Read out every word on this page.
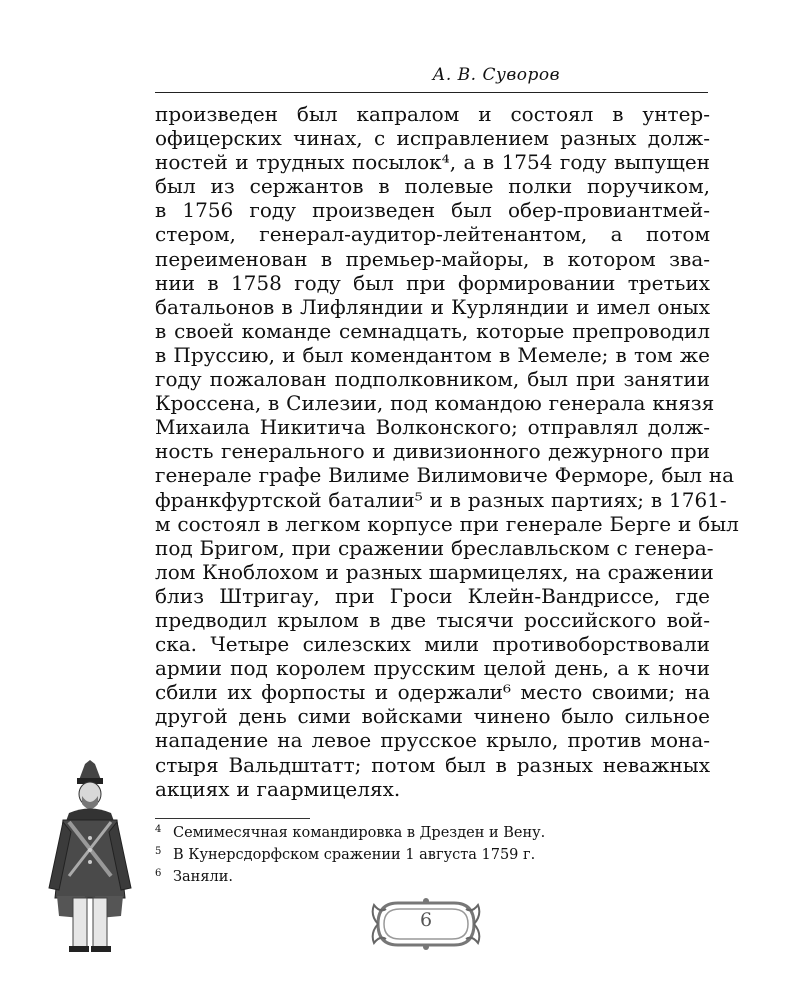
А. В. Суворов
произведен был капралом и состоял в унтер-
офицерских чинах, с исправлением разных долж-
ностей и трудных посылок⁴, а в 1754 году выпущен
был из сержантов в полевые полки поручиком,
в 1756 году произведен был обер-провиантмей-
стером, генерал-аудитор-лейтенантом, а потом
переименован в премьер-майоры, в котором зва-
нии в 1758 году был при формировании третьих
батальонов в Лифляндии и Курляндии и имел оных
в своей команде семнадцать, которые препроводил
в Пруссию, и был комендантом в Мемеле; в том же
году пожалован подполковником, был при занятии
Кроссена, в Силезии, под командою генерала князя
Михаила Никитича Волконского; отправлял долж-
ность генерального и дивизионного дежурного при
генерале графе Вилиме Вилимовиче Ферморе, был на
франкфуртской баталии⁵ и в разных партиях; в 1761-
м состоял в легком корпусе при генерале Берге и был
под Бригом, при сражении бреславльском с генера-
лом Кноблохом и разных шармицелях, на сражении
близ Штригау, при Гроси Клейн-Вандриссе, где
предводил крылом в две тысячи российского вой-
ска. Четыре силезских мили противоборствовали
армии под королем прусским целой день, а к ночи
сбили их форпосты и одержали⁶ место своими; на
другой день сими войсками чинено было сильное
нападение на левое прусское крыло, против мона-
стыря Вальдштатт; потом был в разных неважных
акциях и гаармицелях.
4 Семимесячная командировка в Дрезден и Вену.
5 В Кунерсдорфском сражении 1 августа 1759 г.
6 Заняли.
6
